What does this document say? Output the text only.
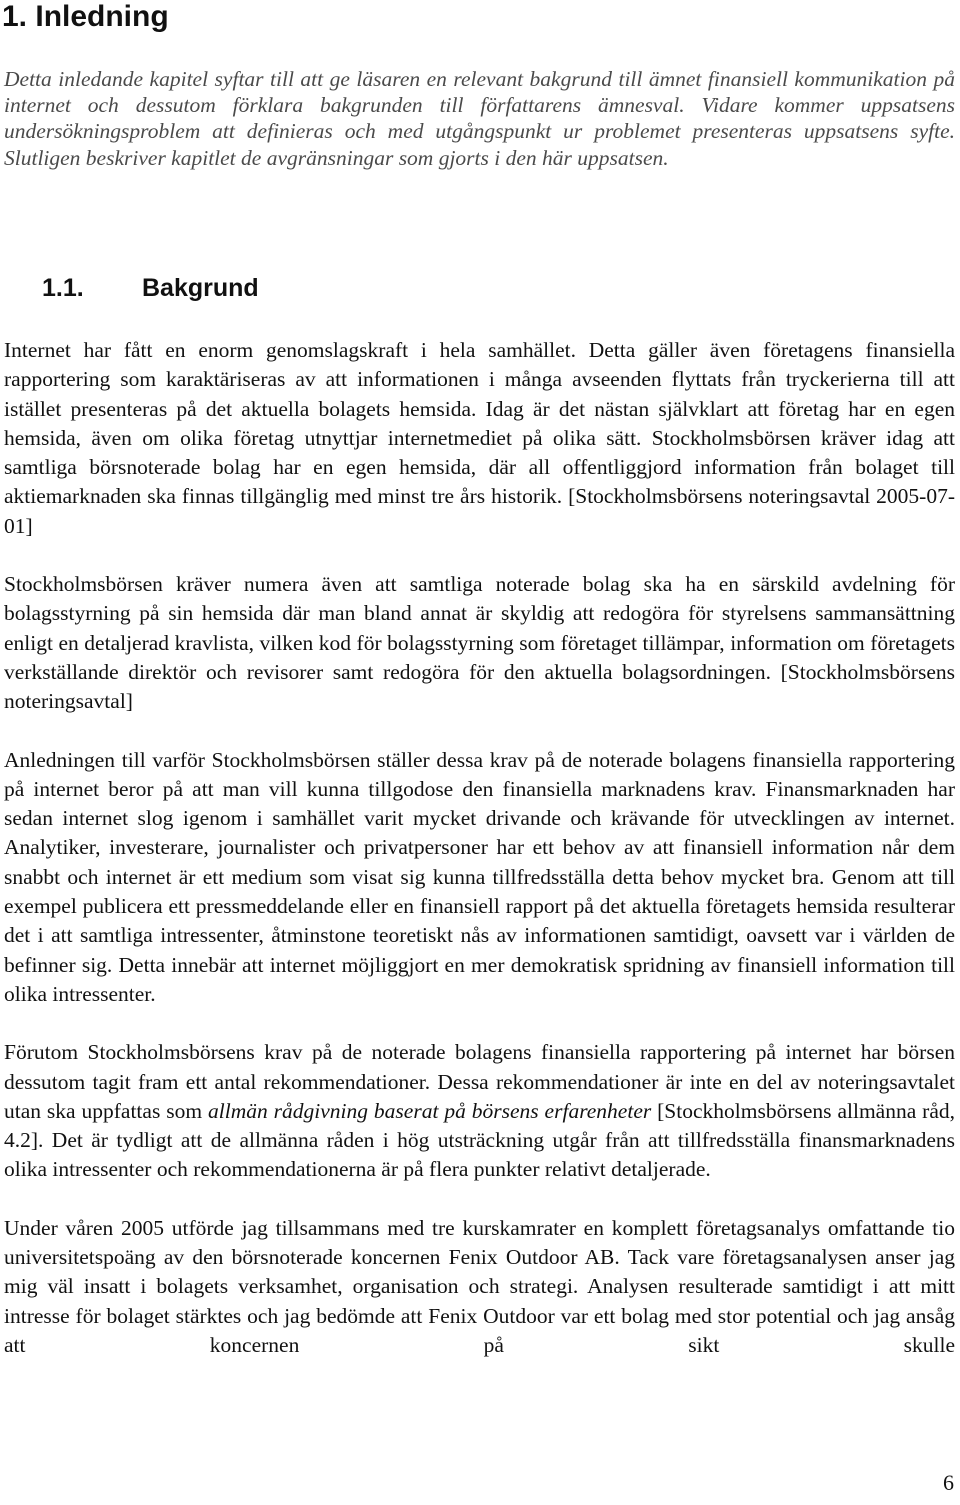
1. Inledning

Detta inledande kapitel syftar till att ge läsaren en relevant bakgrund till ämnet finansiell kommunikation på internet och dessutom förklara bakgrunden till författarens ämnesval. Vidare kommer uppsatsens undersökningsproblem att definieras och med utgångspunkt ur problemet presenteras uppsatsens syfte. Slutligen beskriver kapitlet de avgränsningar som gjorts i den här uppsatsen.

1.1. Bakgrund

Internet har fått en enorm genomslagskraft i hela samhället. Detta gäller även företagens finansiella rapportering som karaktäriseras av att informationen i många avseenden flyttats från tryckerierna till att istället presenteras på det aktuella bolagets hemsida. Idag är det nästan självklart att företag har en egen hemsida, även om olika företag utnyttjar internetmediet på olika sätt. Stockholmsbörsen kräver idag att samtliga börsnoterade bolag har en egen hemsida, där all offentliggjord information från bolaget till aktiemarknaden ska finnas tillgänglig med minst tre års historik. [Stockholmsbörsens noteringsavtal 2005-07-01]

Stockholmsbörsen kräver numera även att samtliga noterade bolag ska ha en särskild avdelning för bolagsstyrning på sin hemsida där man bland annat är skyldig att redogöra för styrelsens sammansättning enligt en detaljerad kravlista, vilken kod för bolagsstyrning som företaget tillämpar, information om företagets verkställande direktör och revisorer samt redogöra för den aktuella bolagsordningen. [Stockholmsbörsens noteringsavtal]

Anledningen till varför Stockholmsbörsen ställer dessa krav på de noterade bolagens finansiella rapportering på internet beror på att man vill kunna tillgodose den finansiella marknadens krav. Finansmarknaden har sedan internet slog igenom i samhället varit mycket drivande och krävande för utvecklingen av internet. Analytiker, investerare, journalister och privatpersoner har ett behov av att finansiell information når dem snabbt och internet är ett medium som visat sig kunna tillfredsställa detta behov mycket bra. Genom att till exempel publicera ett pressmeddelande eller en finansiell rapport på det aktuella företagets hemsida resulterar det i att samtliga intressenter, åtminstone teoretiskt nås av informationen samtidigt, oavsett var i världen de befinner sig. Detta innebär att internet möjliggjort en mer demokratisk spridning av finansiell information till olika intressenter.

Förutom Stockholmsbörsens krav på de noterade bolagens finansiella rapportering på internet har börsen dessutom tagit fram ett antal rekommendationer. Dessa rekommendationer är inte en del av noteringsavtalet utan ska uppfattas som allmän rådgivning baserat på börsens erfarenheter [Stockholmsbörsens allmänna råd, 4.2]. Det är tydligt att de allmänna råden i hög utsträckning utgår från att tillfredsställa finansmarknadens olika intressenter och rekommendationerna är på flera punkter relativt detaljerade.

Under våren 2005 utförde jag tillsammans med tre kurskamrater en komplett företagsanalys omfattande tio universitetspoäng av den börsnoterade koncernen Fenix Outdoor AB. Tack vare företagsanalysen anser jag mig väl insatt i bolagets verksamhet, organisation och strategi. Analysen resulterade samtidigt i att mitt intresse för bolaget stärktes och jag bedömde att Fenix Outdoor var ett bolag med stor potential och jag ansåg att koncernen på sikt skulle

6
